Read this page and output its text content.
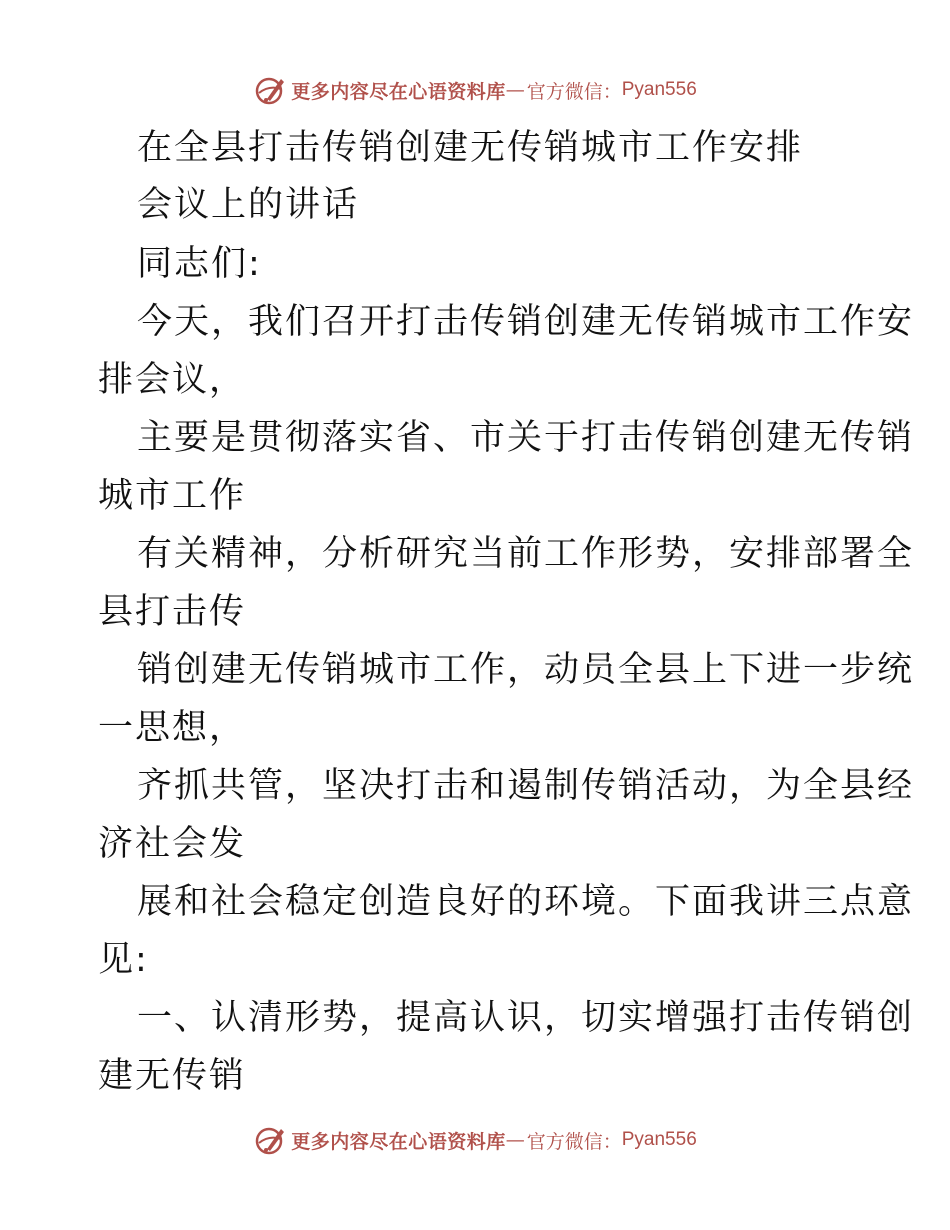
更多内容尽在心语资料库 — 官方微信： Pyan556
在全县打击传销创建无传销城市工作安排
会议上的讲话
同志们:
今天，我们召开打击传销创建无传销城市工作安
排会议，
主要是贯彻落实省、市关于打击传销创建无传销
城市工作
有关精神，分析研究当前工作形势，安排部署全
县打击传
销创建无传销城市工作，动员全县上下进一步统
一思想，
齐抓共管，坚决打击和遏制传销活动，为全县经
济社会发
展和社会稳定创造良好的环境。下面我讲三点意
见:
一、认清形势，提高认识，切实增强打击传销创
建无传销
更多内容尽在心语资料库 — 官方微信： Pyan556
